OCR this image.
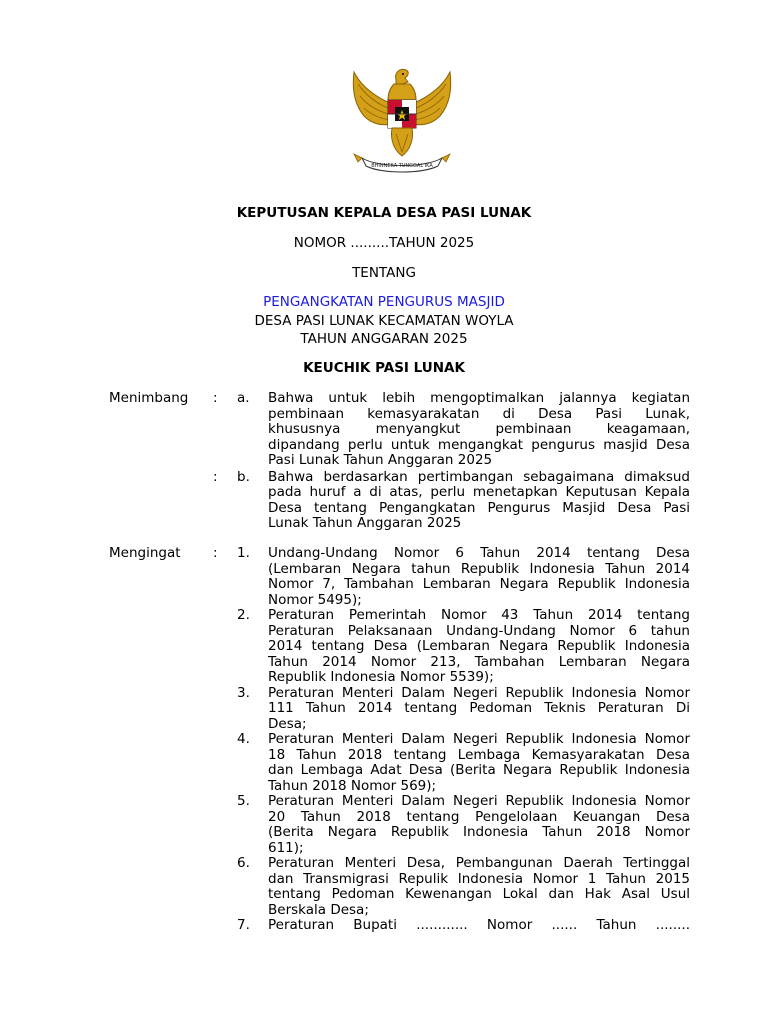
BHINNEKA TUNGGAL IKA
KEPUTUSAN KEPALA DESA PASI LUNAK
NOMOR .........TAHUN 2025
TENTANG
PENGANGKATAN PENGURUS MASJID
DESA PASI LUNAK KECAMATAN WOYLA
TAHUN ANGGARAN 2025
KEUCHIK PASI LUNAK
Menimbang : a. Bahwa untuk lebih mengoptimalkan jalannya kegiatan
pembinaan kemasyarakatan di Desa Pasi Lunak,
khususnya menyangkut pembinaan keagamaan,
dipandang perlu untuk mengangkat pengurus masjid Desa
Pasi Lunak Tahun Anggaran 2025
: b. Bahwa berdasarkan pertimbangan sebagaimana dimaksud
pada huruf a di atas, perlu menetapkan Keputusan Kepala
Desa tentang Pengangkatan Pengurus Masjid Desa Pasi
Lunak Tahun Anggaran 2025
Mengingat : 1. Undang-Undang Nomor 6 Tahun 2014 tentang Desa
(Lembaran Negara tahun Republik Indonesia Tahun 2014
Nomor 7, Tambahan Lembaran Negara Republik Indonesia
Nomor 5495);
2. Peraturan Pemerintah Nomor 43 Tahun 2014 tentang
Peraturan Pelaksanaan Undang-Undang Nomor 6 tahun
2014 tentang Desa (Lembaran Negara Republik Indonesia
Tahun 2014 Nomor 213, Tambahan Lembaran Negara
Republik Indonesia Nomor 5539);
3. Peraturan Menteri Dalam Negeri Republik Indonesia Nomor
111 Tahun 2014 tentang Pedoman Teknis Peraturan Di
Desa;
4. Peraturan Menteri Dalam Negeri Republik Indonesia Nomor
18 Tahun 2018 tentang Lembaga Kemasyarakatan Desa
dan Lembaga Adat Desa (Berita Negara Republik Indonesia
Tahun 2018 Nomor 569);
5. Peraturan Menteri Dalam Negeri Republik Indonesia Nomor
20 Tahun 2018 tentang Pengelolaan Keuangan Desa
(Berita Negara Republik Indonesia Tahun 2018 Nomor
611);
6. Peraturan Menteri Desa, Pembangunan Daerah Tertinggal
dan Transmigrasi Repulik Indonesia Nomor 1 Tahun 2015
tentang Pedoman Kewenangan Lokal dan Hak Asal Usul
Berskala Desa;
7. Peraturan Bupati ............ Nomor ...... Tahun ........
